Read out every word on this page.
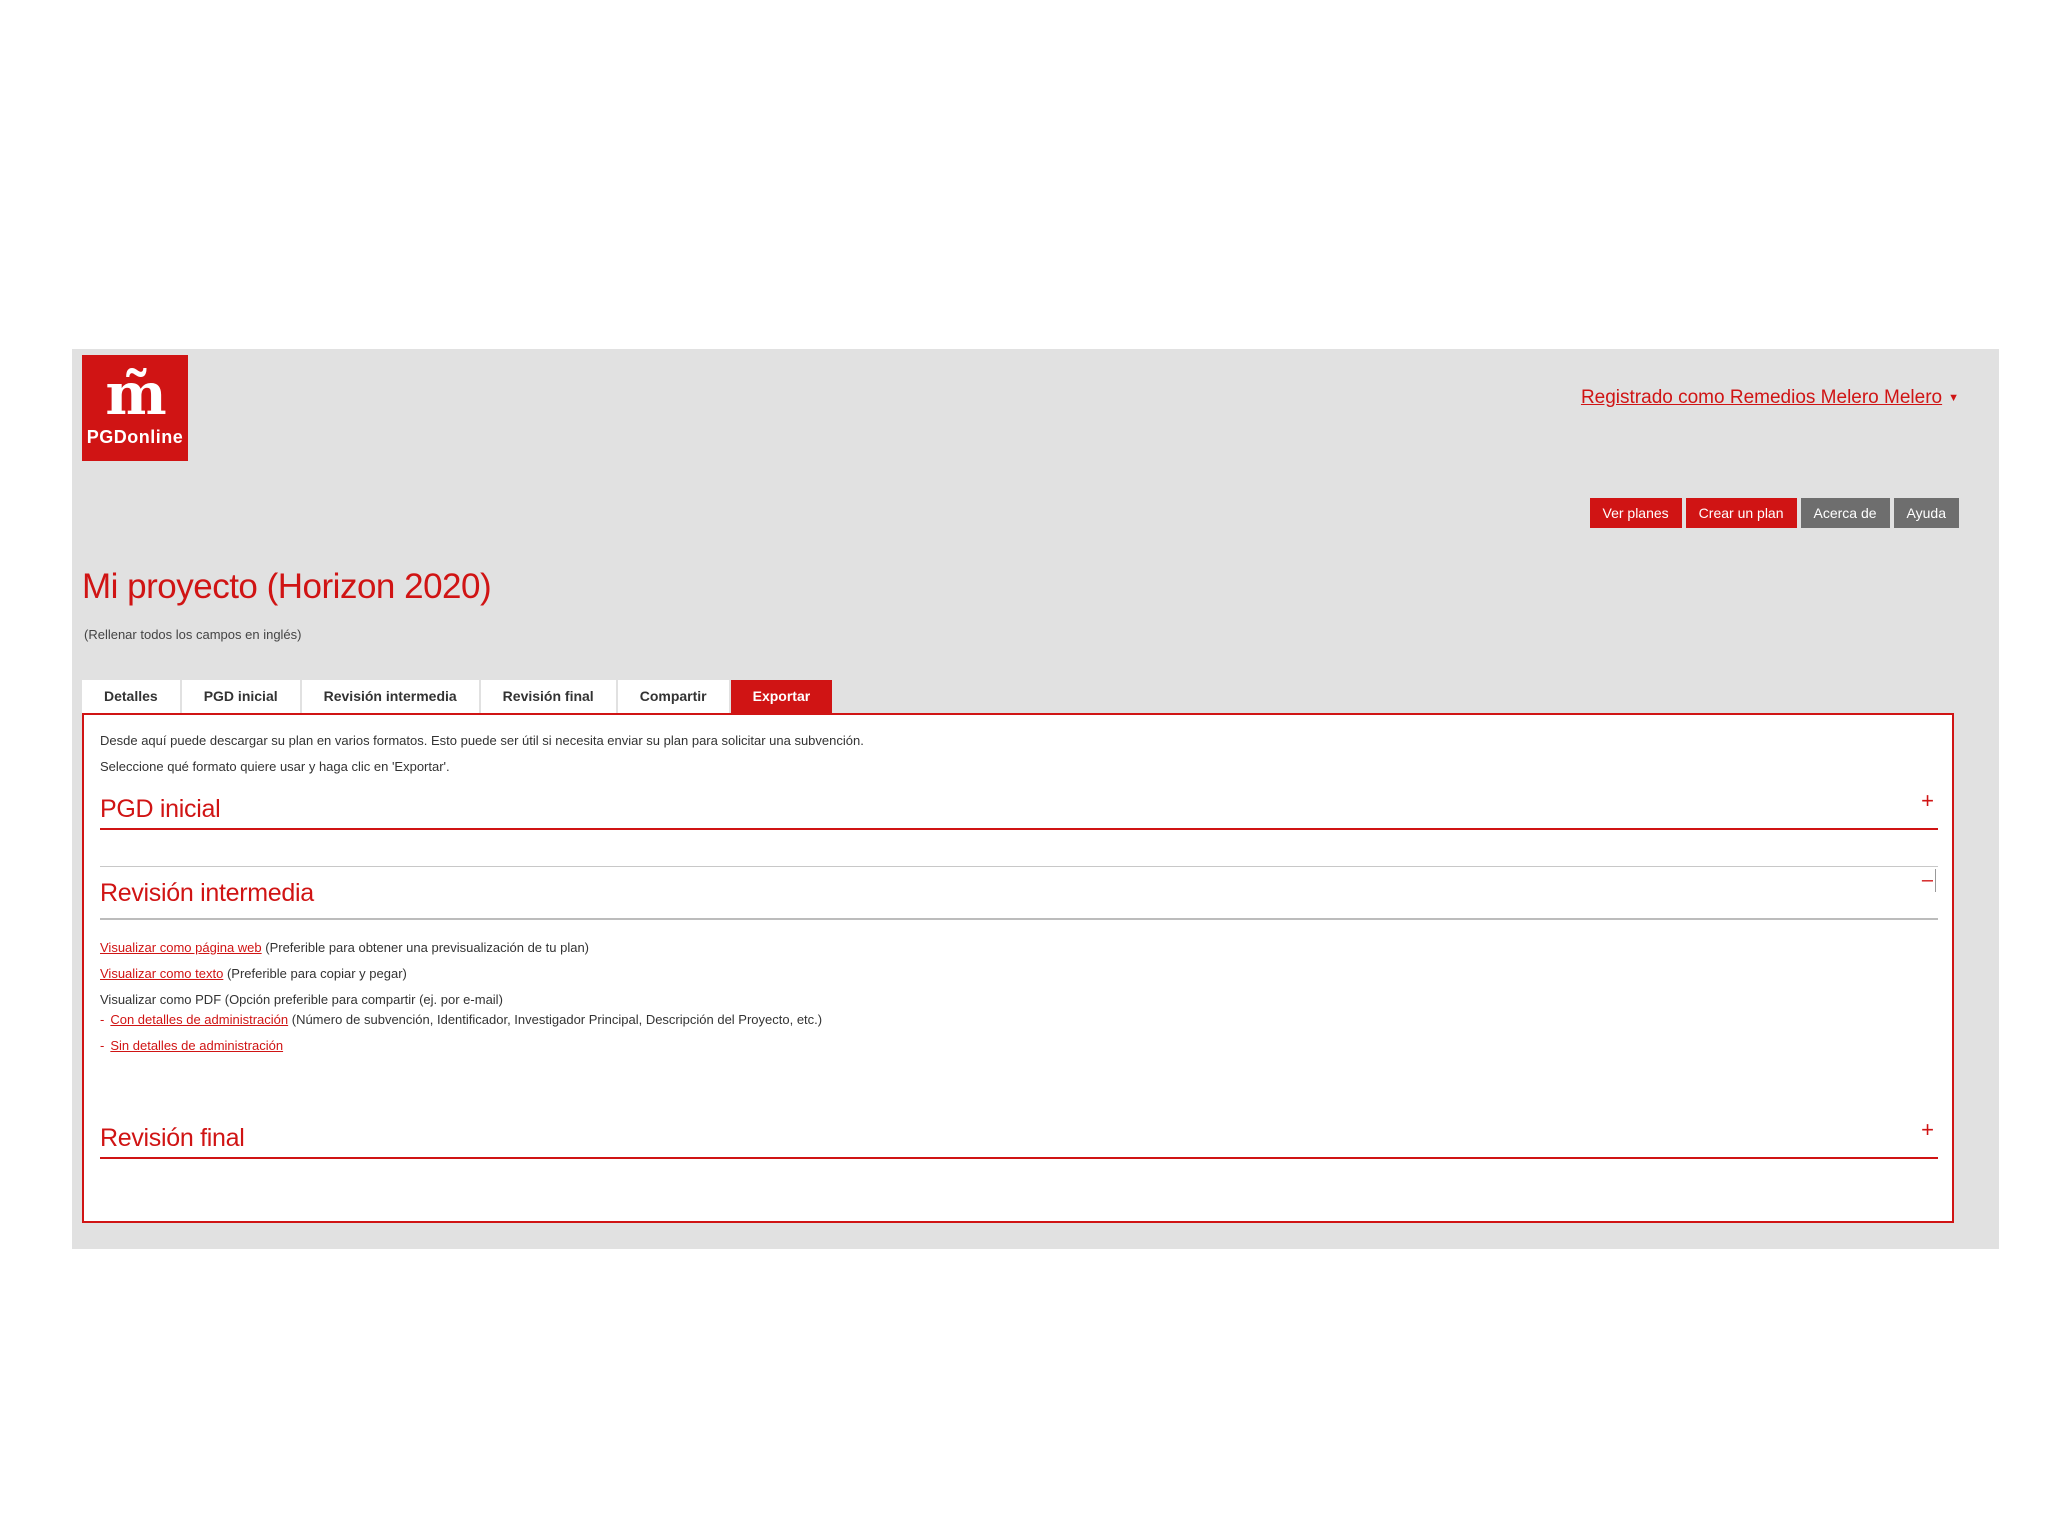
m̃
PGDonline
Registrado como Remedios Melero Melero ▼
Ver planes	Crear un plan	Acerca de	Ayuda
Mi proyecto (Horizon 2020)
(Rellenar todos los campos en inglés)
Detalles	PGD inicial	Revisión intermedia	Revisión final	Compartir	Exportar

Desde aquí puede descargar su plan en varios formatos. Esto puede ser útil si necesita enviar su plan para solicitar una subvención.

Seleccione qué formato quiere usar y haga clic en 'Exportar'.

PGD inicial	+
Revisión intermedia	–
Visualizar como página web (Preferible para obtener una previsualización de tu plan)
Visualizar como texto (Preferible para copiar y pegar)
Visualizar como PDF (Opción preferible para compartir (ej. por e-mail)
- Con detalles de administración (Número de subvención, Identificador, Investigador Principal, Descripción del Proyecto, etc.)
- Sin detalles de administración
Revisión final	+
